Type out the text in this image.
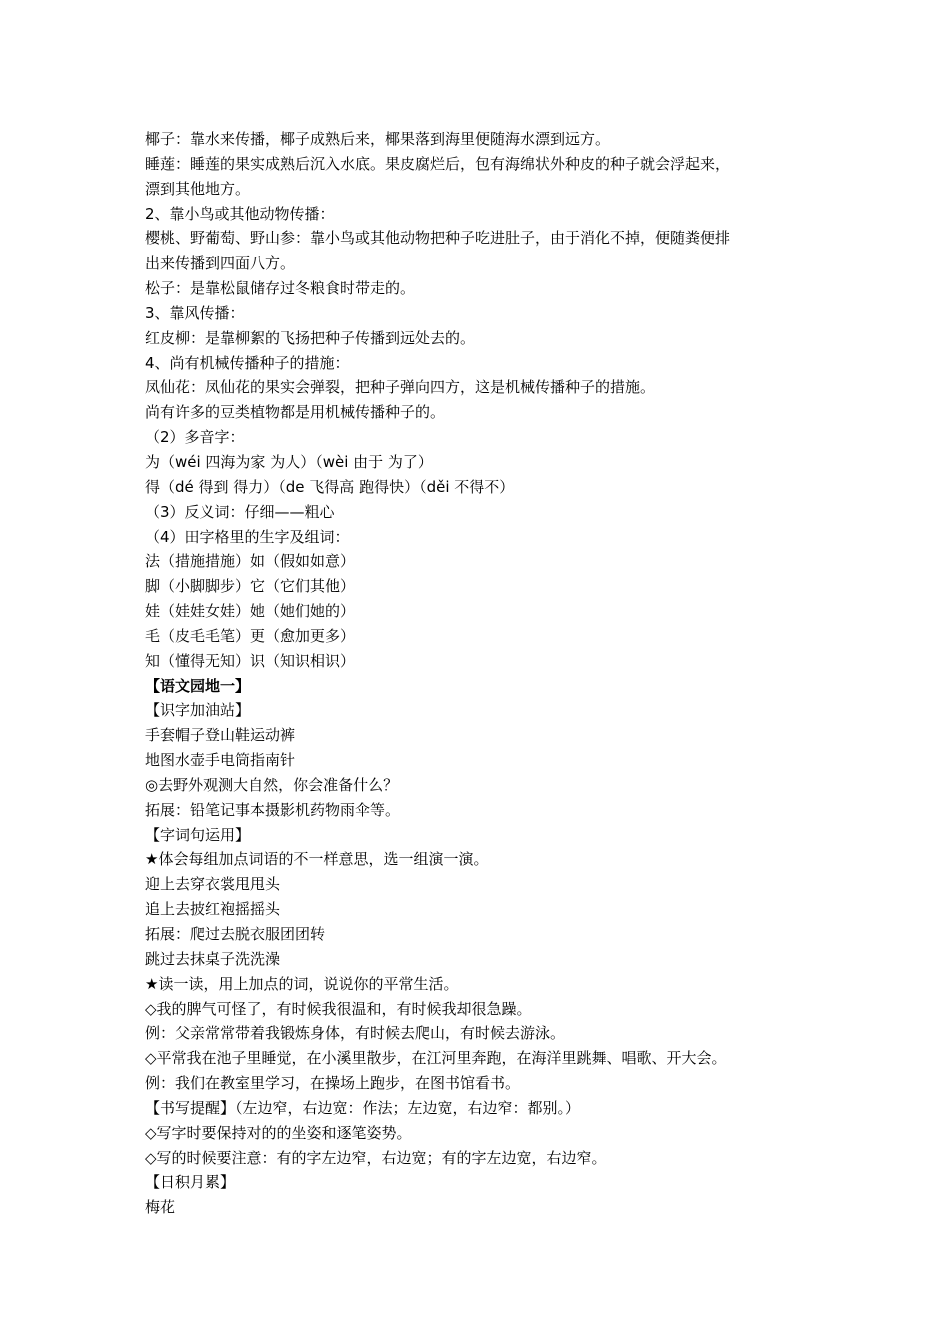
椰子：靠水来传播，椰子成熟后来，椰果落到海里便随海水漂到远方。
睡莲：睡莲的果实成熟后沉入水底。果皮腐烂后，包有海绵状外种皮的种子就会浮起来，
漂到其他地方。
2、靠小鸟或其他动物传播：
樱桃、野葡萄、野山参：靠小鸟或其他动物把种子吃进肚子，由于消化不掉，便随粪便排
出来传播到四面八方。
松子：是靠松鼠储存过冬粮食时带走的。
3、靠风传播：
红皮柳：是靠柳絮的飞扬把种子传播到远处去的。
4、尚有机械传播种子的措施：
凤仙花：凤仙花的果实会弹裂，把种子弹向四方，这是机械传播种子的措施。
尚有许多的豆类植物都是用机械传播种子的。
（2）多音字：
为（wéi 四海为家 为人）（wèi 由于 为了）
得（dé 得到 得力）（de 飞得高 跑得快）（děi 不得不）
（3）反义词：仔细——粗心
（4）田字格里的生字及组词：
法（措施措施）如（假如如意）
脚（小脚脚步）它（它们其他）
娃（娃娃女娃）她（她们她的）
毛（皮毛毛笔）更（愈加更多）
知（懂得无知）识（知识相识）
【语文园地一】
【识字加油站】
手套帽子登山鞋运动裤
地图水壶手电筒指南针
◎去野外观测大自然，你会准备什么？
拓展：铅笔记事本摄影机药物雨伞等。
【字词句运用】
★体会每组加点词语的不一样意思，选一组演一演。
迎上去穿衣裳甩甩头
追上去披红袍摇摇头
拓展：爬过去脱衣服团团转
跳过去抹桌子洗洗澡
★读一读，用上加点的词，说说你的平常生活。
◇我的脾气可怪了，有时候我很温和，有时候我却很急躁。
例：父亲常常带着我锻炼身体，有时候去爬山，有时候去游泳。
◇平常我在池子里睡觉，在小溪里散步，在江河里奔跑，在海洋里跳舞、唱歌、开大会。
例：我们在教室里学习，在操场上跑步，在图书馆看书。
【书写提醒】（左边窄，右边宽：作法；左边宽，右边窄：都别。）
◇写字时要保持对的的坐姿和逐笔姿势。
◇写的时候要注意：有的字左边窄，右边宽；有的字左边宽，右边窄。
【日积月累】
梅花
